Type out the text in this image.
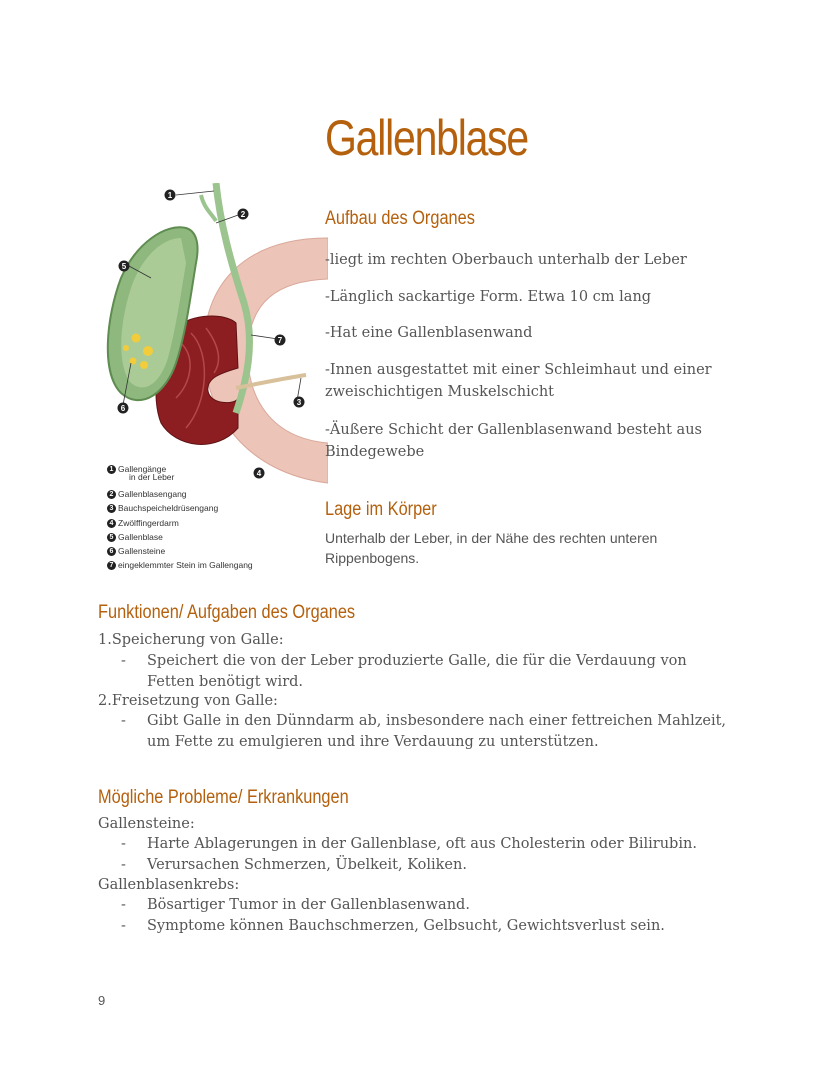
Gallenblase
1
2
3
4
5
6
7
1 Gallengänge
in der Leber
2 Gallenblasengang
3 Bauchspeicheldrüsengang
4 Zwölffingerdarm
5 Gallenblase
6 Gallensteine
7 eingeklemmter Stein im Gallengang
Aufbau des Organes

-liegt im rechten Oberbauch unterhalb der Leber

-Länglich sackartige Form. Etwa 10 cm lang

-Hat eine Gallenblasenwand

-Innen ausgestattet mit einer Schleimhaut und einer zweischichtigen Muskelschicht

-Äußere Schicht der Gallenblasenwand besteht aus Bindegewebe

Lage im Körper

Unterhalb der Leber, in der Nähe des rechten unteren Rippenbogens.

Funktionen/ Aufgaben des Organes

1.Speicherung von Galle:

- Speichert die von der Leber produzierte Galle, die für die Verdauung von Fetten benötigt wird.

2.Freisetzung von Galle:

- Gibt Galle in den Dünndarm ab, insbesondere nach einer fettreichen Mahlzeit, um Fette zu emulgieren und ihre Verdauung zu unterstützen.

Mögliche Probleme/ Erkrankungen

Gallensteine:

- Harte Ablagerungen in der Gallenblase, oft aus Cholesterin oder Bilirubin.

- Verursachen Schmerzen, Übelkeit, Koliken.

Gallenblasenkrebs:

- Bösartiger Tumor in der Gallenblasenwand.

- Symptome können Bauchschmerzen, Gelbsucht, Gewichtsverlust sein.

9
